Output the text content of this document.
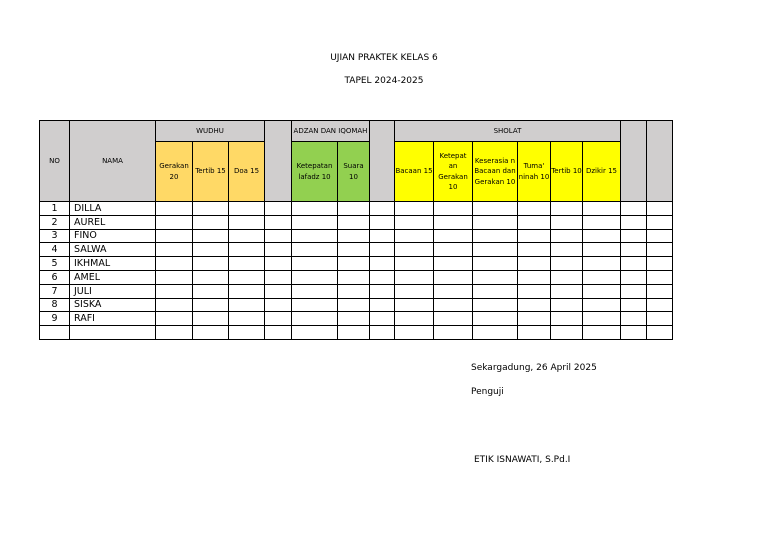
UJIAN PRAKTEK KELAS 6
TAPEL 2024-2025
NO	NAMA	WUDHU				ADZAN DAN IQOMAH			SHOLAT							
		Gerakan 20	Tertib 15	Doa 15		Ketepatan lafadz 10	Suara 10		Bacaan 15	Ketepat an Gerakan 10	Keserasia n Bacaan dan Gerakan 10	Tuma' ninah 10	Tertib 10	Dzikir 15		
1	DILLA															
2	AUREL															
3	FINO															
4	SALWA															
5	IKHMAL															
6	AMEL															
7	JULI															
8	SISKA															
9	RAFI															

Sekargadung, 26 April 2025
Penguji
ETIK ISNAWATI, S.Pd.I
